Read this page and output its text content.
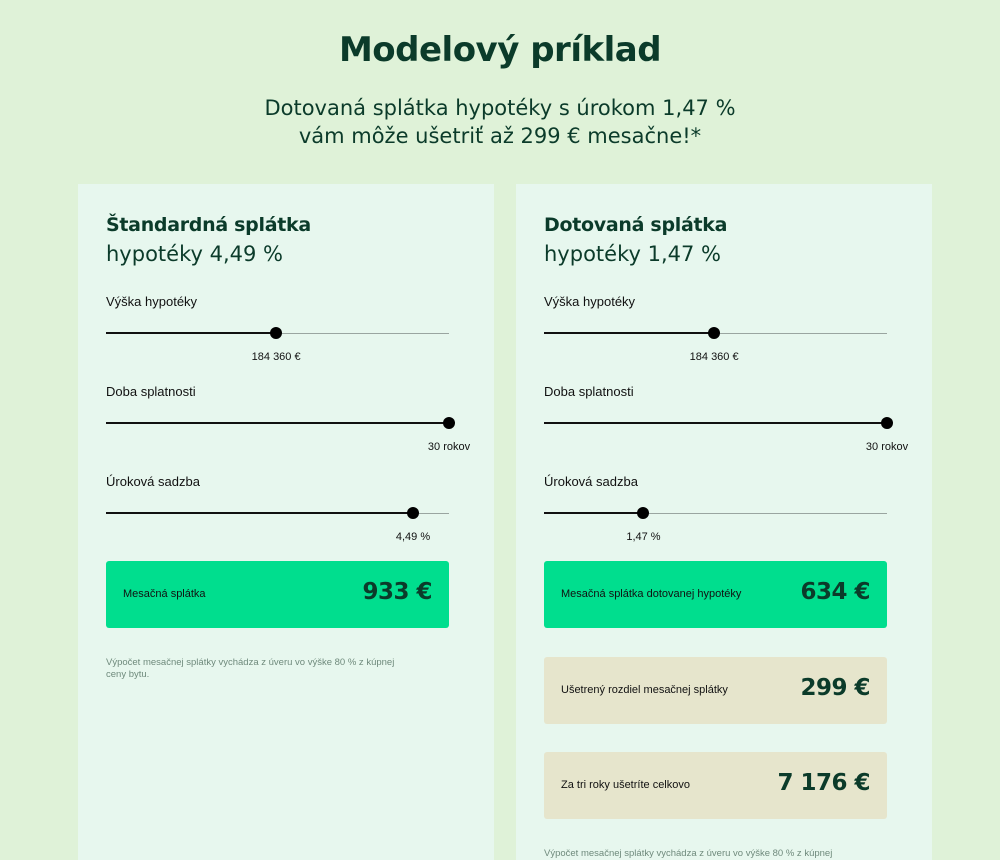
Modelový príklad

Dotovaná splátka hypotéky s úrokom 1,47 %
vám môže ušetriť až 299 € mesačne!*

Štandardná splátka
hypotéky 4,49 %
Výška hypotéky
184 360 €
Doba splatnosti
30 rokov
Úroková sadzba
4,49 %
Mesačná splátka	933 €
Výpočet mesačnej splátky vychádza z úveru vo výške 80 % z kúpnej ceny bytu.
Dotovaná splátka
hypotéky 1,47 %
Výška hypotéky
184 360 €
Doba splatnosti
30 rokov
Úroková sadzba
1,47 %
Mesačná splátka dotovanej hypotéky	634 €
Ušetrený rozdiel mesačnej splátky	299 €
Za tri roky ušetríte celkovo	7 176 €
Výpočet mesačnej splátky vychádza z úveru vo výške 80 % z kúpnej
